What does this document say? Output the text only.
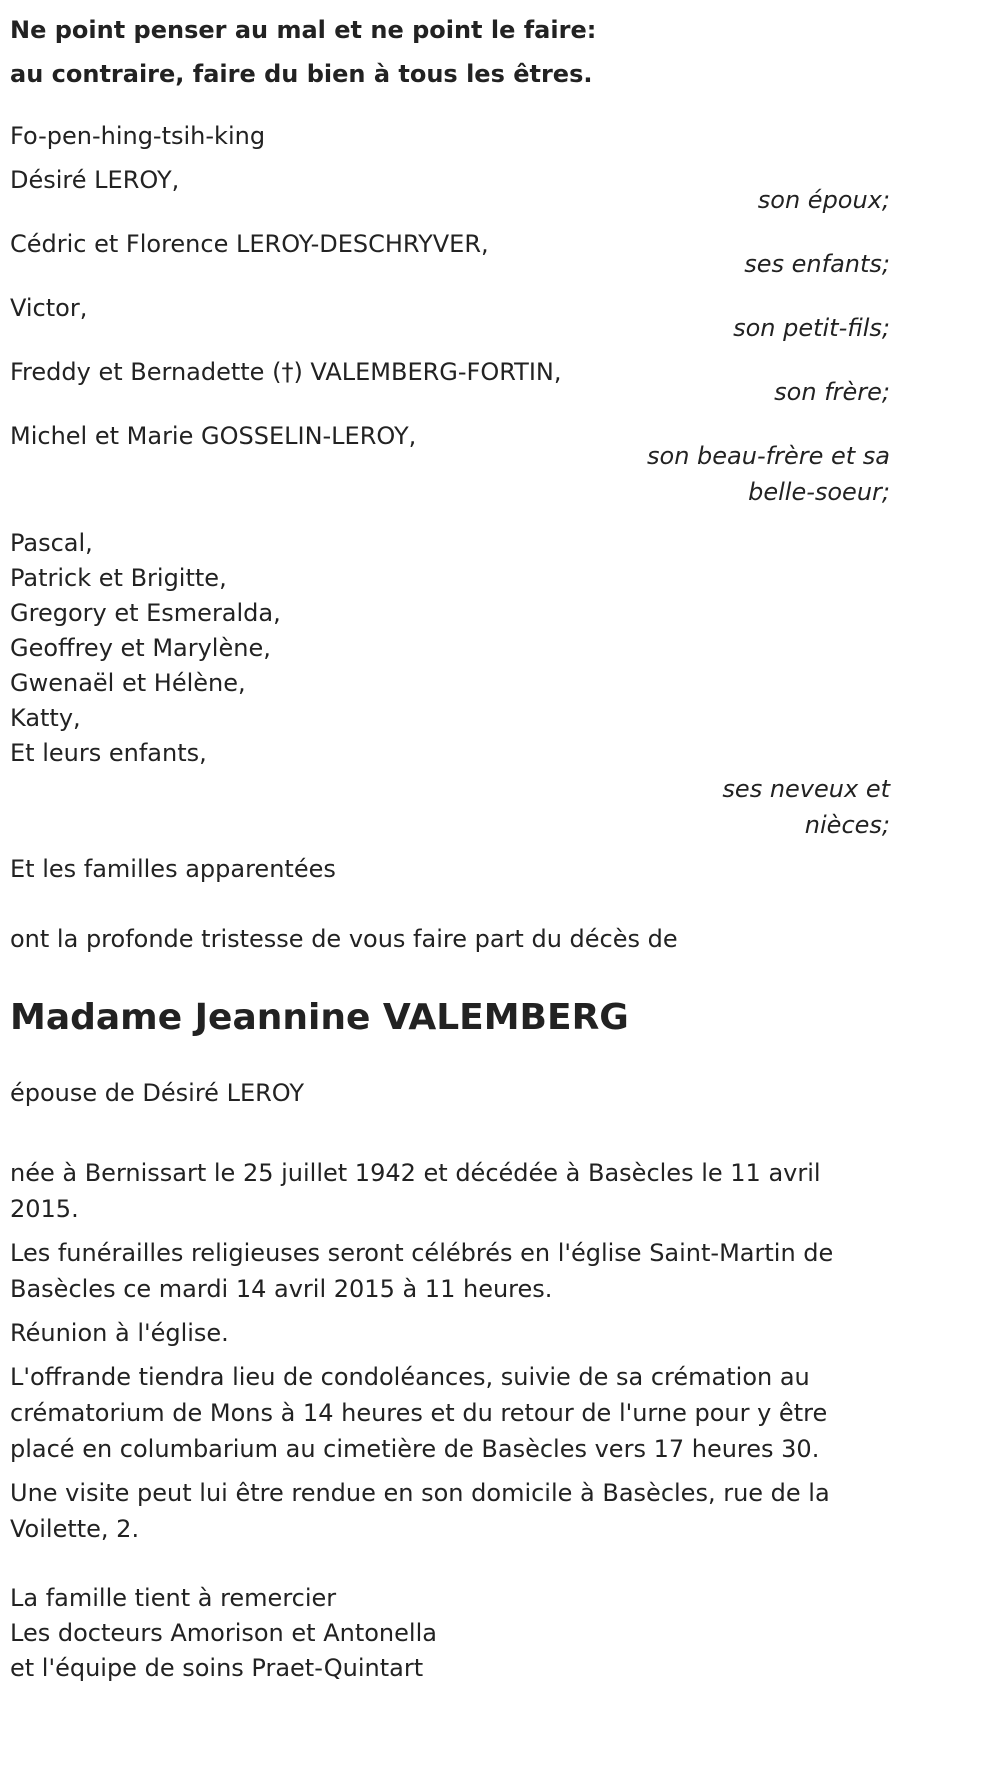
Ne point penser au mal et ne point le faire:
au contraire, faire du bien à tous les êtres.
Fo-pen-hing-tsih-king
Désiré LEROY,
son époux;
Cédric et Florence LEROY-DESCHRYVER,
ses enfants;
Victor,
son petit-fils;
Freddy et Bernadette (†) VALEMBERG-FORTIN,
son frère;
Michel et Marie GOSSELIN-LEROY,
son beau-frère et sa
belle-soeur;
Pascal,
Patrick et Brigitte,
Gregory et Esmeralda,
Geoffrey et Marylène,
Gwenaël et Hélène,
Katty,
Et leurs enfants,
ses neveux et
nièces;
Et les familles apparentées
ont la profonde tristesse de vous faire part du décès de
Madame Jeannine VALEMBERG
épouse de Désiré LEROY
née à Bernissart le 25 juillet 1942 et décédée à Basècles le 11 avril 2015.
Les funérailles religieuses seront célébrés en l'église Saint-Martin de Basècles ce mardi 14 avril 2015 à 11 heures.
Réunion à l'église.
L'offrande tiendra lieu de condoléances, suivie de sa crémation au crématorium de Mons à 14 heures et du retour de l'urne pour y être placé en columbarium au cimetière de Basècles vers 17 heures 30.
Une visite peut lui être rendue en son domicile à Basècles, rue de la Voilette, 2.
La famille tient à remercier
Les docteurs Amorison et Antonella
et l'équipe de soins Praet-Quintart
